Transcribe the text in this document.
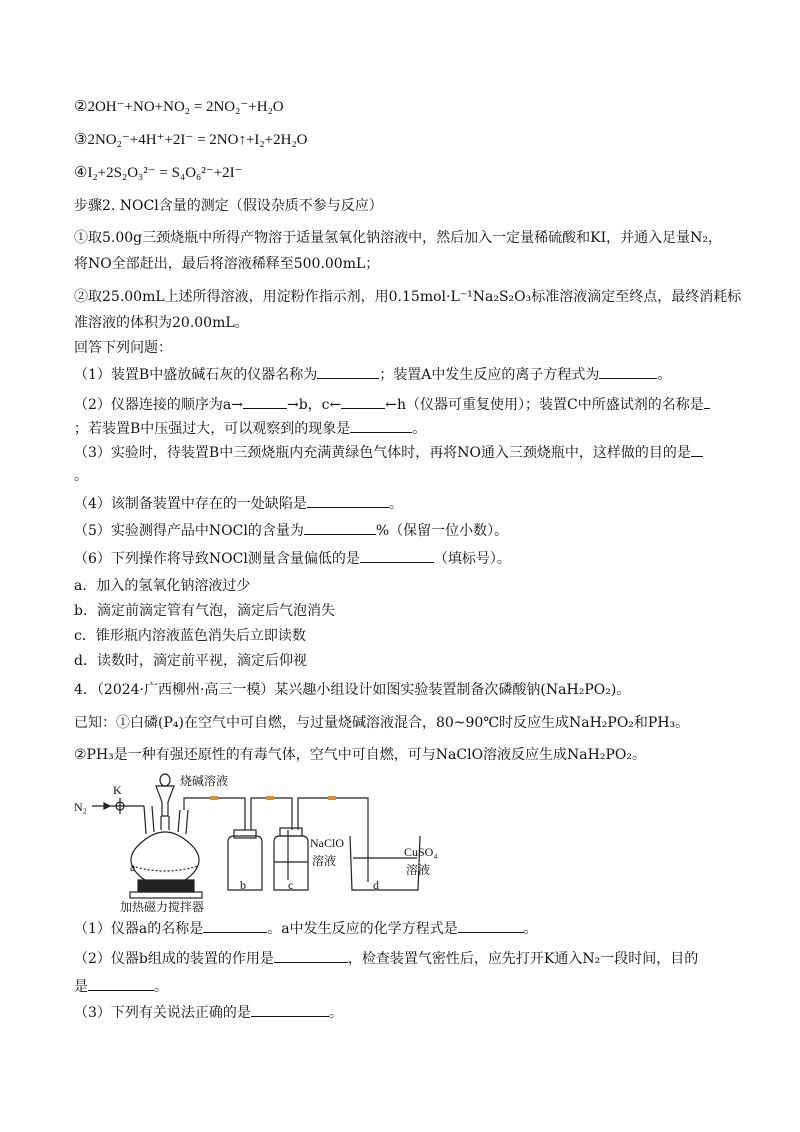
②2OH⁻+NO+NO₂ = 2NO₂⁻+H₂O
③2NO₂⁻+4H⁺+2I⁻ = 2NO↑+I₂+2H₂O
④I₂+2S₂O₃²⁻ = S₄O₆²⁻+2I⁻
步骤2. NOCl含量的测定（假设杂质不参与反应）
①取5.00g三颈烧瓶中所得产物溶于适量氢氧化钠溶液中，然后加入一定量稀硫酸和KI，并通入足量N₂，
将NO全部赶出，最后将溶液稀释至500.00mL；
②取25.00mL上述所得溶液，用淀粉作指示剂，用0.15mol·L⁻¹Na₂S₂O₃标准溶液滴定至终点，最终消耗标
准溶液的体积为20.00mL。
回答下列问题：
（1）装置B中盛放碱石灰的仪器名称为	；装置A中发生反应的离子方程式为	。
（2）仪器连接的顺序为a→	→b，c←	←h（仪器可重复使用）；装置C中所盛试剂的名称是
；若装置B中压强过大，可以观察到的现象是	。
（3）实验时，待装置B中三颈烧瓶内充满黄绿色气体时，再将NO通入三颈烧瓶中，这样做的目的是
。
（4）该制备装置中存在的一处缺陷是	。
（5）实验测得产品中NOCl的含量为	%（保留一位小数）。
（6）下列操作将导致NOCl测量含量偏低的是	（填标号）。
a．加入的氢氧化钠溶液过少
b．滴定前滴定管有气泡，滴定后气泡消失
c．锥形瓶内溶液蓝色消失后立即读数
d．读数时，滴定前平视，滴定后仰视
4．（2024·广西柳州·高三一模）某兴趣小组设计如图实验装置制备次磷酸钠(NaH₂PO₂)。
已知：①白磷(P₄)在空气中可自燃，与过量烧碱溶液混合，80~90℃时反应生成NaH₂PO₂和PH₃。
②PH₃是一种有强还原性的有毒气体，空气中可自燃，可与NaClO溶液反应生成NaH₂PO₂。
N₂
K
烧碱溶液
a
b	c	d
NaClO
溶液
CuSO₄
溶液
加热磁力搅拌器
（1）仪器a的名称是	。a中发生反应的化学方程式是	。
（2）仪器b组成的装置的作用是	，检查装置气密性后，应先打开K通入N₂一段时间，目的
是	。
（3）下列有关说法正确的是	。
